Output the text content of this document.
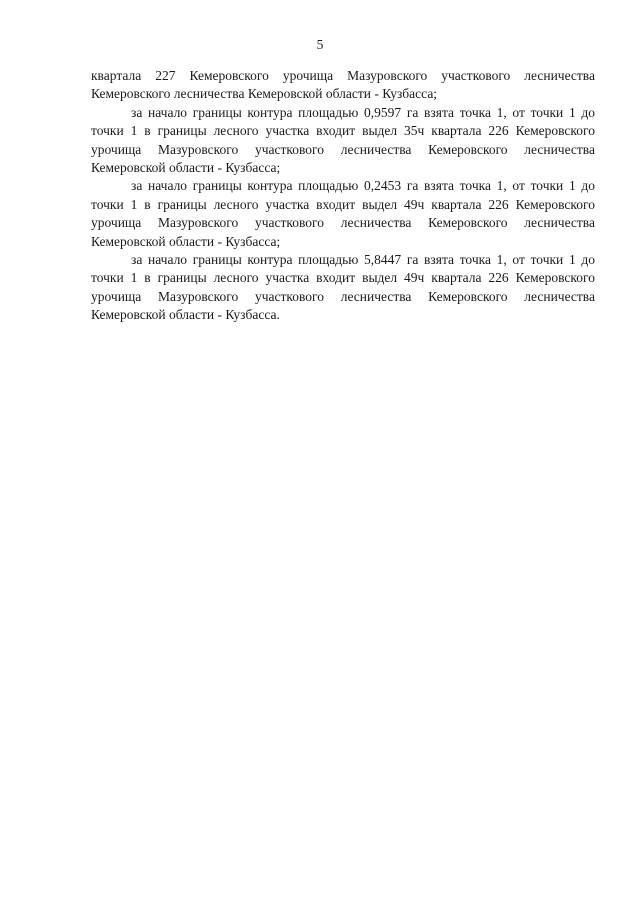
5

квартала 227 Кемеровского урочища Мазуровского участкового лесничества Кемеровского лесничества Кемеровской области - Кузбасса;

за начало границы контура площадью 0,9597 га взята точка 1, от точки 1 до точки 1 в границы лесного участка входит выдел 35ч квартала 226 Кемеровского урочища Мазуровского участкового лесничества Кемеровского лесничества Кемеровской области - Кузбасса;

за начало границы контура площадью 0,2453 га взята точка 1, от точки 1 до точки 1 в границы лесного участка входит выдел 49ч квартала 226 Кемеровского урочища Мазуровского участкового лесничества Кемеровского лесничества Кемеровской области - Кузбасса;

за начало границы контура площадью 5,8447 га взята точка 1, от точки 1 до точки 1 в границы лесного участка входит выдел 49ч квартала 226 Кемеровского урочища Мазуровского участкового лесничества Кемеровского лесничества Кемеровской области - Кузбасса.
